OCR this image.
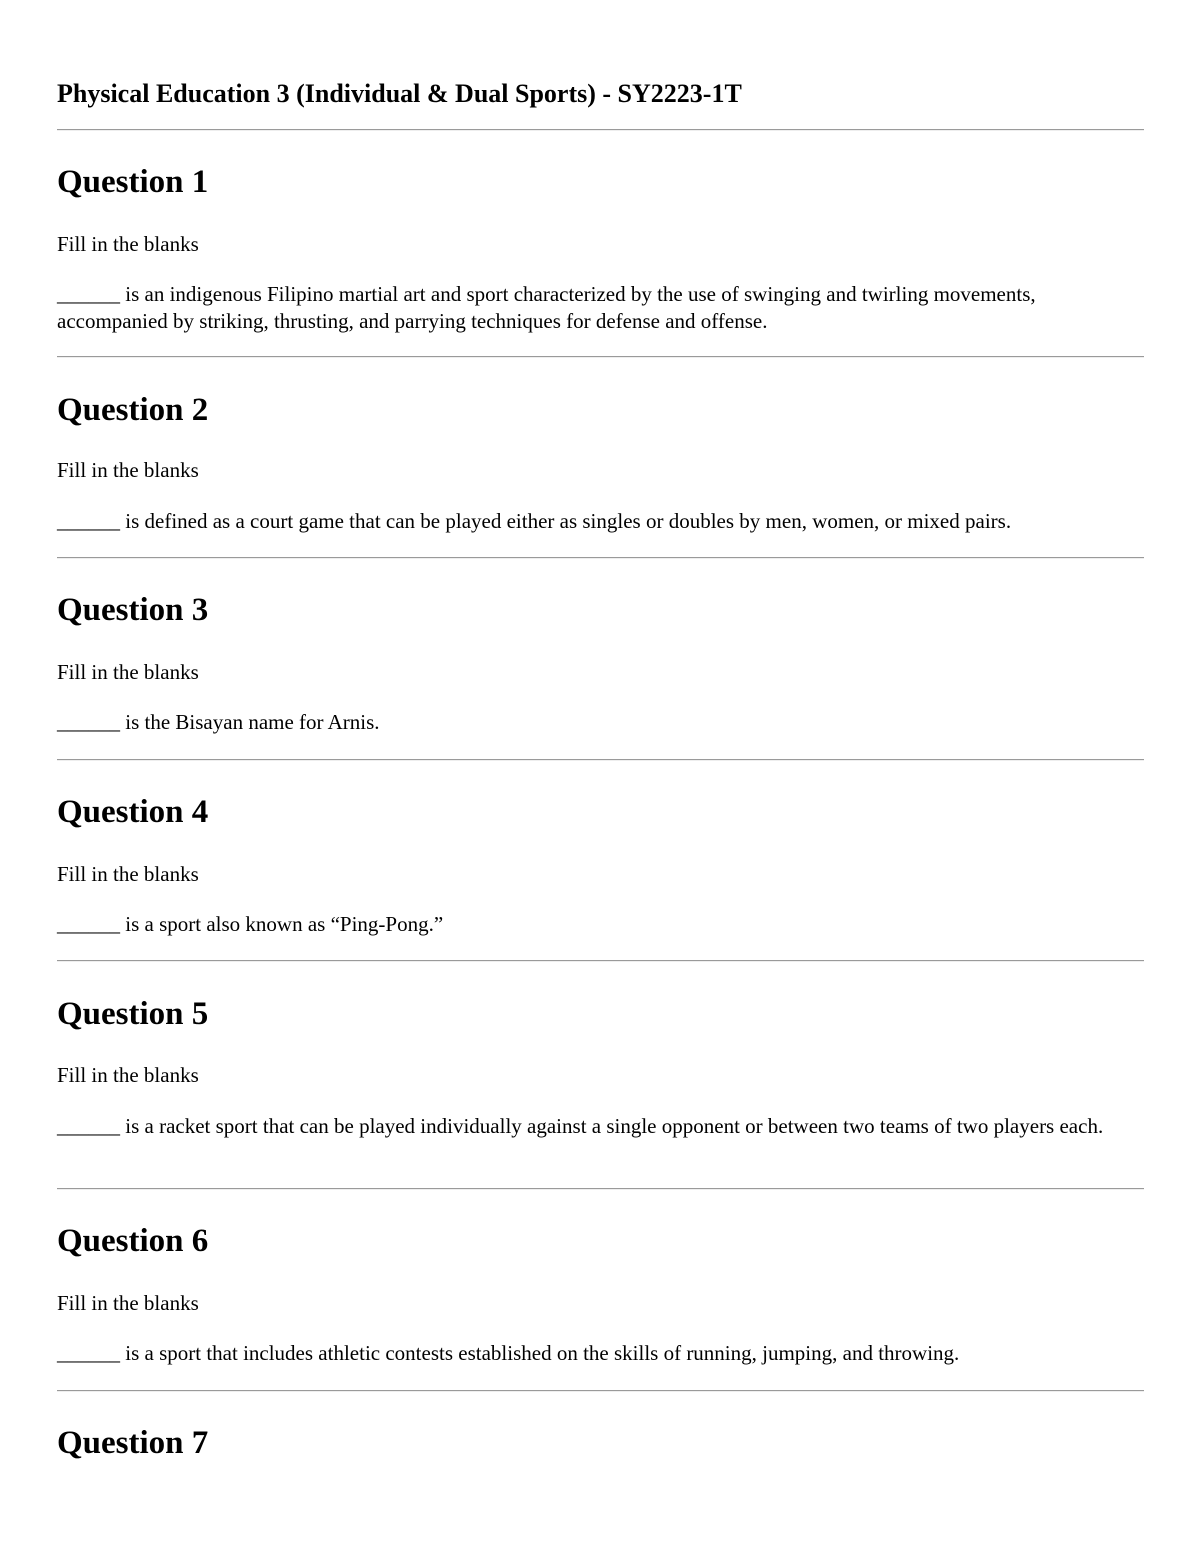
Physical Education 3 (Individual & Dual Sports) - SY2223-1T
Question 1

Fill in the blanks

______ is an indigenous Filipino martial art and sport characterized by the use of swinging and twirling movements, accompanied by striking, thrusting, and parrying techniques for defense and offense.

Question 2

Fill in the blanks

______ is defined as a court game that can be played either as singles or doubles by men, women, or mixed pairs.

Question 3

Fill in the blanks

______ is the Bisayan name for Arnis.

Question 4

Fill in the blanks

______ is a sport also known as “Ping-Pong.”

Question 5

Fill in the blanks

______ is a racket sport that can be played individually against a single opponent or between two teams of two players each.

Question 6

Fill in the blanks

______ is a sport that includes athletic contests established on the skills of running, jumping, and throwing.

Question 7
